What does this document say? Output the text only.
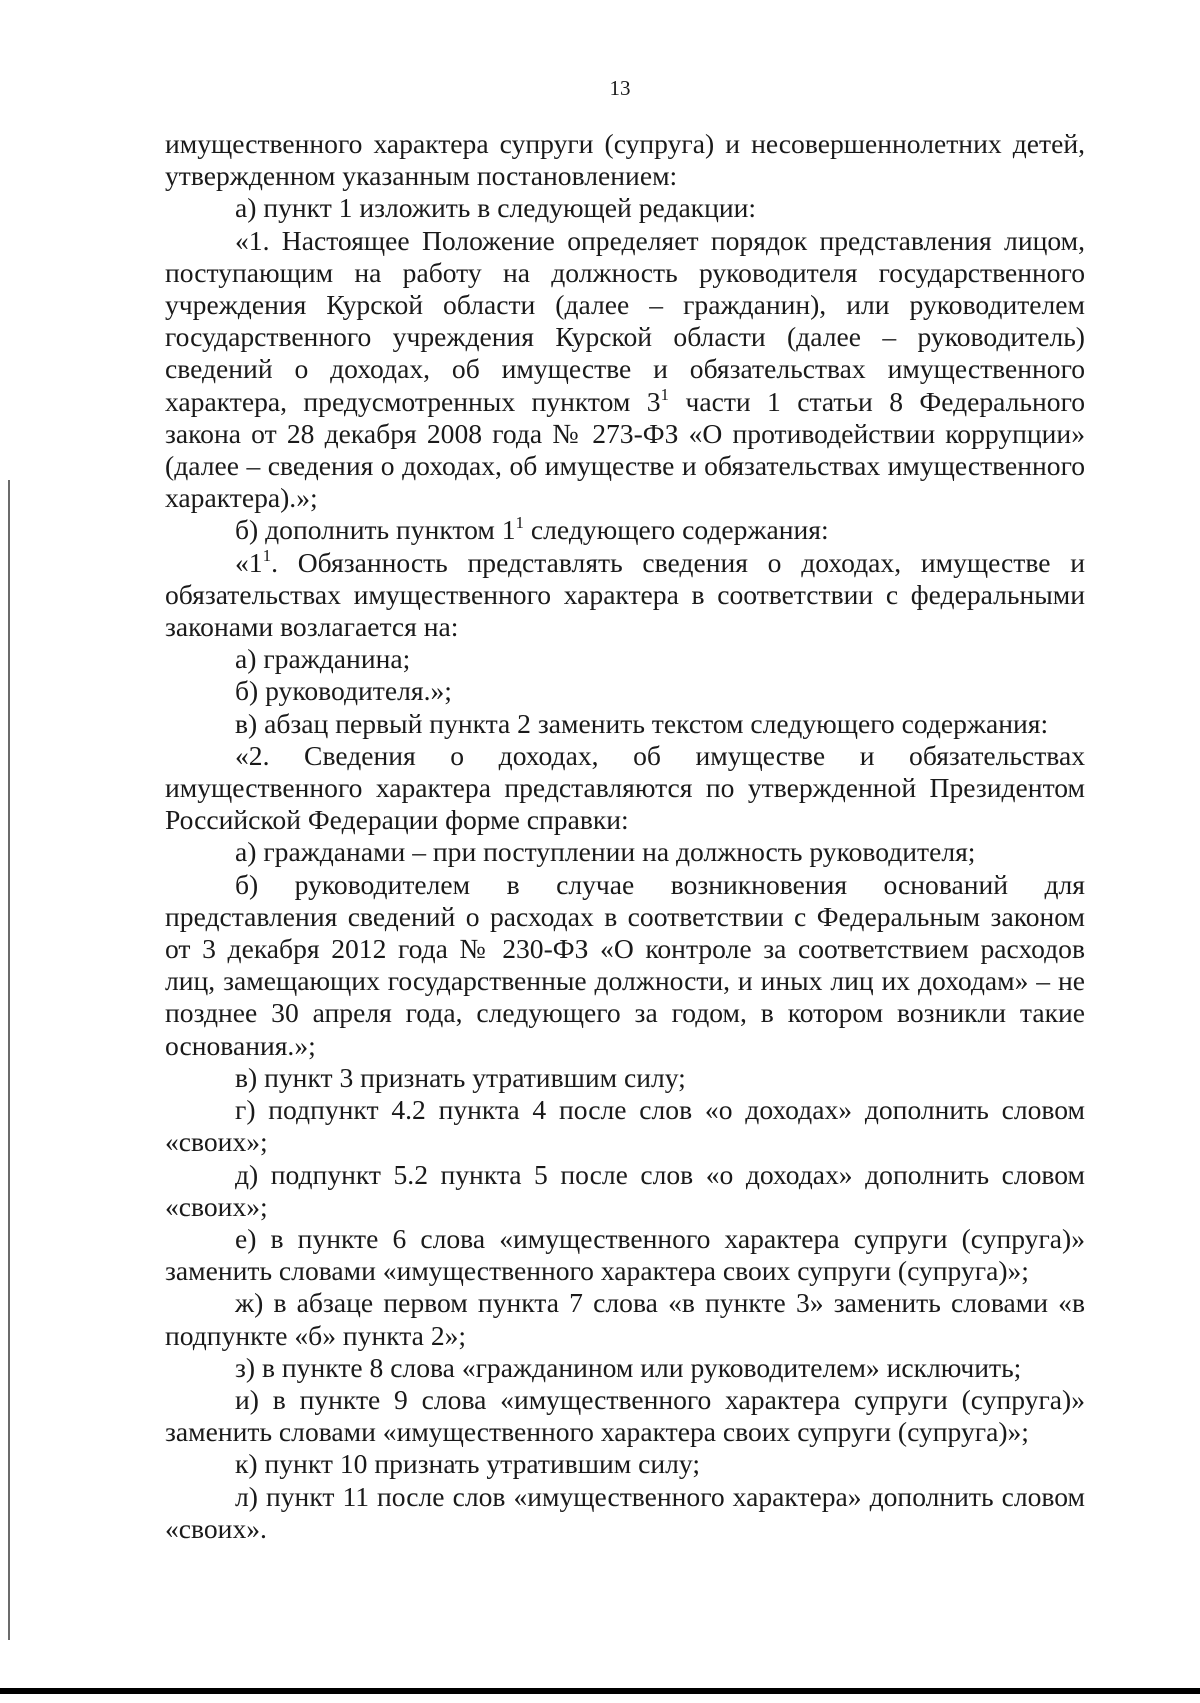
13

имущественного характера супруги (супруга) и несовершеннолетних детей, утвержденном указанным постановлением:

а) пункт 1 изложить в следующей редакции:

«1. Настоящее Положение определяет порядок представления лицом, поступающим на работу на должность руководителя государственного учреждения Курской области (далее – гражданин), или руководителем государственного учреждения Курской области (далее – руководитель) сведений о доходах, об имуществе и обязательствах имущественного характера, предусмотренных пунктом $3^1$ части 1 статьи 8 Федерального закона от 28 декабря 2008 года № 273-ФЗ «О противодействии коррупции» (далее – сведения о доходах, об имуществе и обязательствах имущественного характера).»;

б) дополнить пунктом $1^1$ следующего содержания:

«$1^1$. Обязанность представлять сведения о доходах, имуществе и обязательствах имущественного характера в соответствии с федеральными законами возлагается на:

а) гражданина;

б) руководителя.»;

в) абзац первый пункта 2 заменить текстом следующего содержания:

«2. Сведения о доходах, об имуществе и обязательствах имущественного характера представляются по утвержденной Президентом Российской Федерации форме справки:

а) гражданами – при поступлении на должность руководителя;

б) руководителем в случае возникновения оснований для представления сведений о расходах в соответствии с Федеральным законом от 3 декабря 2012 года № 230-ФЗ «О контроле за соответствием расходов лиц, замещающих государственные должности, и иных лиц их доходам» – не позднее 30 апреля года, следующего за годом, в котором возникли такие основания.»;

в) пункт 3 признать утратившим силу;

г) подпункт 4.2 пункта 4 после слов «о доходах» дополнить словом «своих»;

д) подпункт 5.2 пункта 5 после слов «о доходах» дополнить словом «своих»;

е) в пункте 6 слова «имущественного характера супруги (супруга)» заменить словами «имущественного характера своих супруги (супруга)»;

ж) в абзаце первом пункта 7 слова «в пункте 3» заменить словами «в подпункте «б» пункта 2»;

з) в пункте 8 слова «гражданином или руководителем» исключить;

и) в пункте 9 слова «имущественного характера супруги (супруга)» заменить словами «имущественного характера своих супруги (супруга)»;

к) пункт 10 признать утратившим силу;

л) пункт 11 после слов «имущественного характера» дополнить словом «своих».
